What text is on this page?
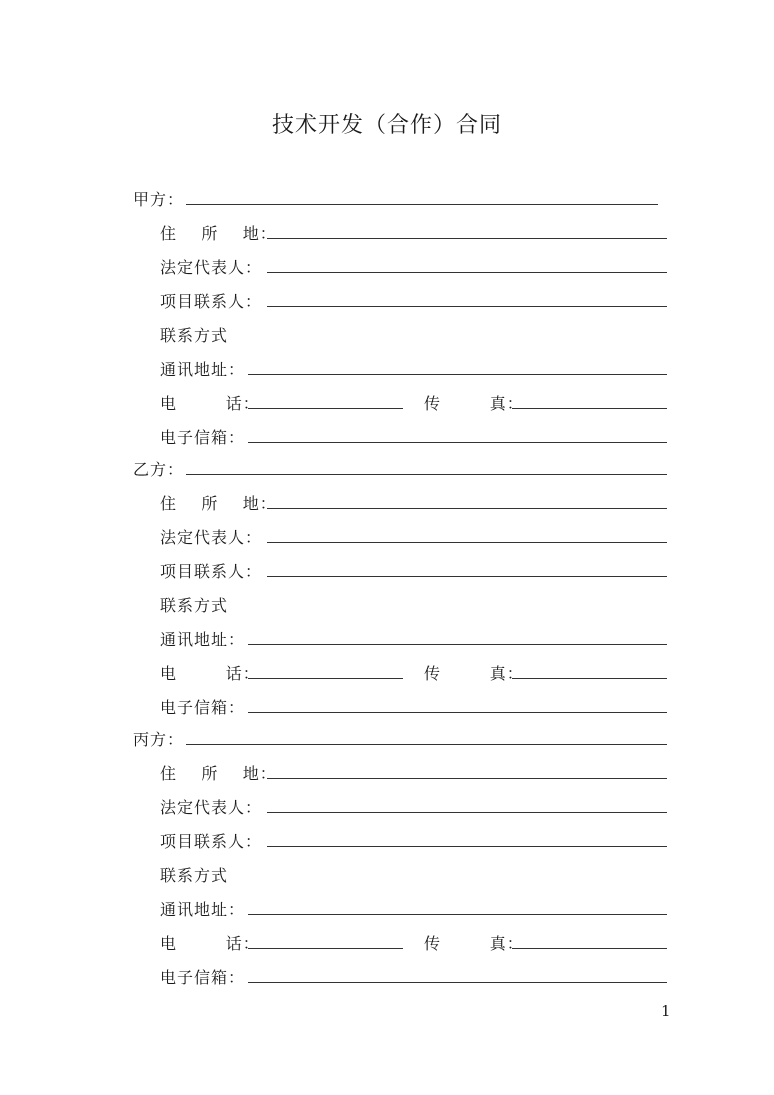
技术开发（合作）合同
甲方：
住    所    地：
法定代表人：
项目联系人：
联系方式
通讯地址：
电        话：	传        真：
电子信箱：
乙方：
住    所    地：
法定代表人：
项目联系人：
联系方式
通讯地址：
电        话：	传        真：
电子信箱：
丙方：
住    所    地：
法定代表人：
项目联系人：
联系方式
通讯地址：
电        话：	传        真：
电子信箱：
1
